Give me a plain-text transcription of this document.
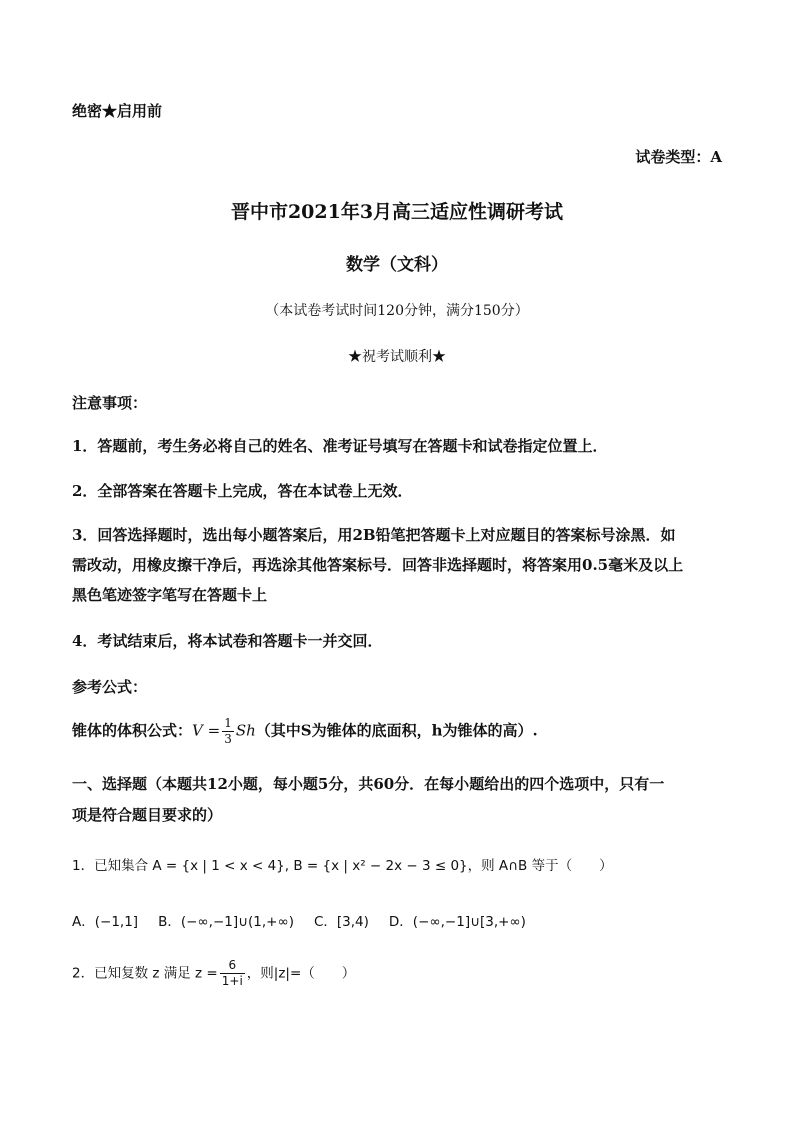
绝密★启用前
试卷类型：A
晋中市2021年3月高三适应性调研考试
数学（文科）
（本试卷考试时间120分钟，满分150分）
★祝考试顺利★
注意事项：
1．答题前，考生务必将自己的姓名、准考证号填写在答题卡和试卷指定位置上．
2．全部答案在答题卡上完成，答在本试卷上无效．
3．回答选择题时，选出每小题答案后，用2B铅笔把答题卡上对应题目的答案标号涂黑．如
需改动，用橡皮擦干净后，再选涂其他答案标号．回答非选择题时，将答案用0.5毫米及以上
黑色笔迹签字笔写在答题卡上
4．考试结束后，将本试卷和答题卡一并交回．
参考公式：
锥体的体积公式：$V = \frac{1}{3} Sh$（其中S为锥体的底面积，h为锥体的高）.
一、选择题（本题共12小题，每小题5分，共60分．在每小题给出的四个选项中，只有一
项是符合题目要求的）
1．已知集合 A = {x | 1 < x < 4}, B = {x | x² − 2x − 3 ≤ 0}，则 A∩B 等于（　　）
A．(−1,1] B．(−∞,−1]∪(1,+∞) C．[3,4) D．(−∞,−1]∪[3,+∞)
2．已知复数 z 满足 $z = \frac{6}{1+i}$ ，则|z|=（　　）
